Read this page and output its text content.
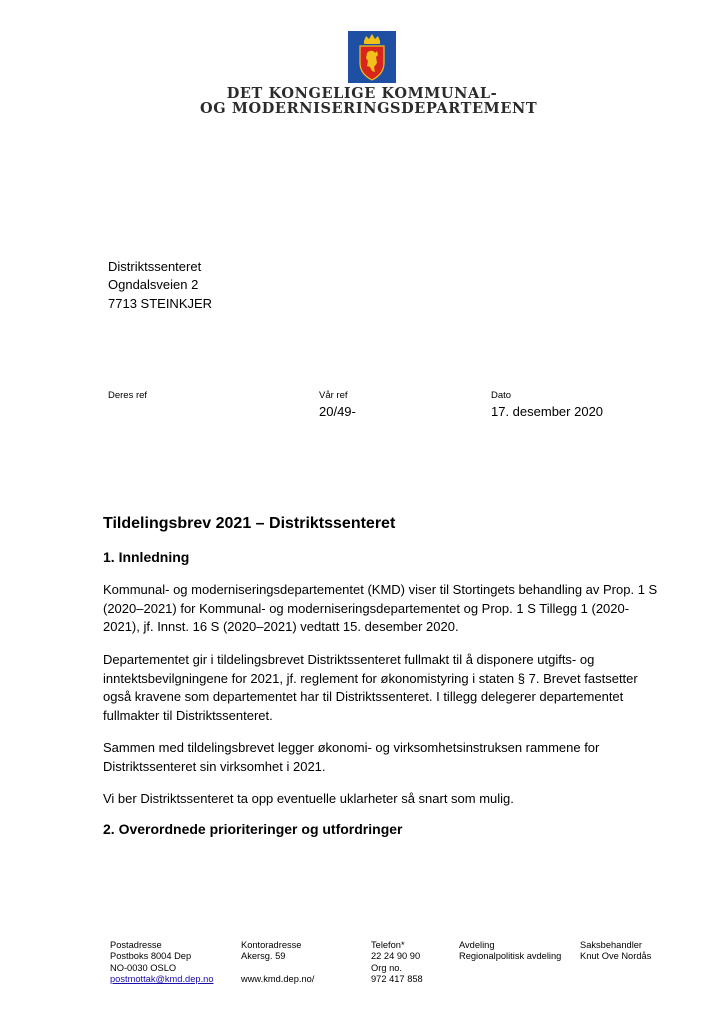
DET KONGELIGE KOMMUNAL-
OG MODERNISERINGSDEPARTEMENT
Distriktssenteret
Ogndalsveien 2
7713 STEINKJER
Deres ref	Vår ref
20/49-
Dato
17. desember 2020
Tildelingsbrev 2021 – Distriktssenteret
1. Innledning
Kommunal- og moderniseringsdepartementet (KMD) viser til Stortingets behandling av Prop. 1 S (2020–2021) for Kommunal- og moderniseringsdepartementet og Prop. 1 S Tillegg 1 (2020-2021), jf. Innst. 16 S (2020–2021) vedtatt 15. desember 2020.
Departementet gir i tildelingsbrevet Distriktssenteret fullmakt til å disponere utgifts- og inntektsbevilgningene for 2021, jf. reglement for økonomistyring i staten § 7. Brevet fastsetter også kravene som departementet har til Distriktssenteret. I tillegg delegerer departementet fullmakter til Distriktssenteret.
Sammen med tildelingsbrevet legger økonomi- og virksomhetsinstruksen rammene for Distriktssenteret sin virksomhet i 2021.
Vi ber Distriktssenteret ta opp eventuelle uklarheter så snart som mulig.
2. Overordnede prioriteringer og utfordringer
Postadresse
Postboks 8004 Dep
NO-0030 OSLO
postmottak@kmd.dep.no
Kontoradresse
Akersg. 59

www.kmd.dep.no/
Telefon*
22 24 90 90
Org no.
972 417 858
Avdeling
Regionalpolitisk avdeling
Saksbehandler
Knut Ove Nordås
